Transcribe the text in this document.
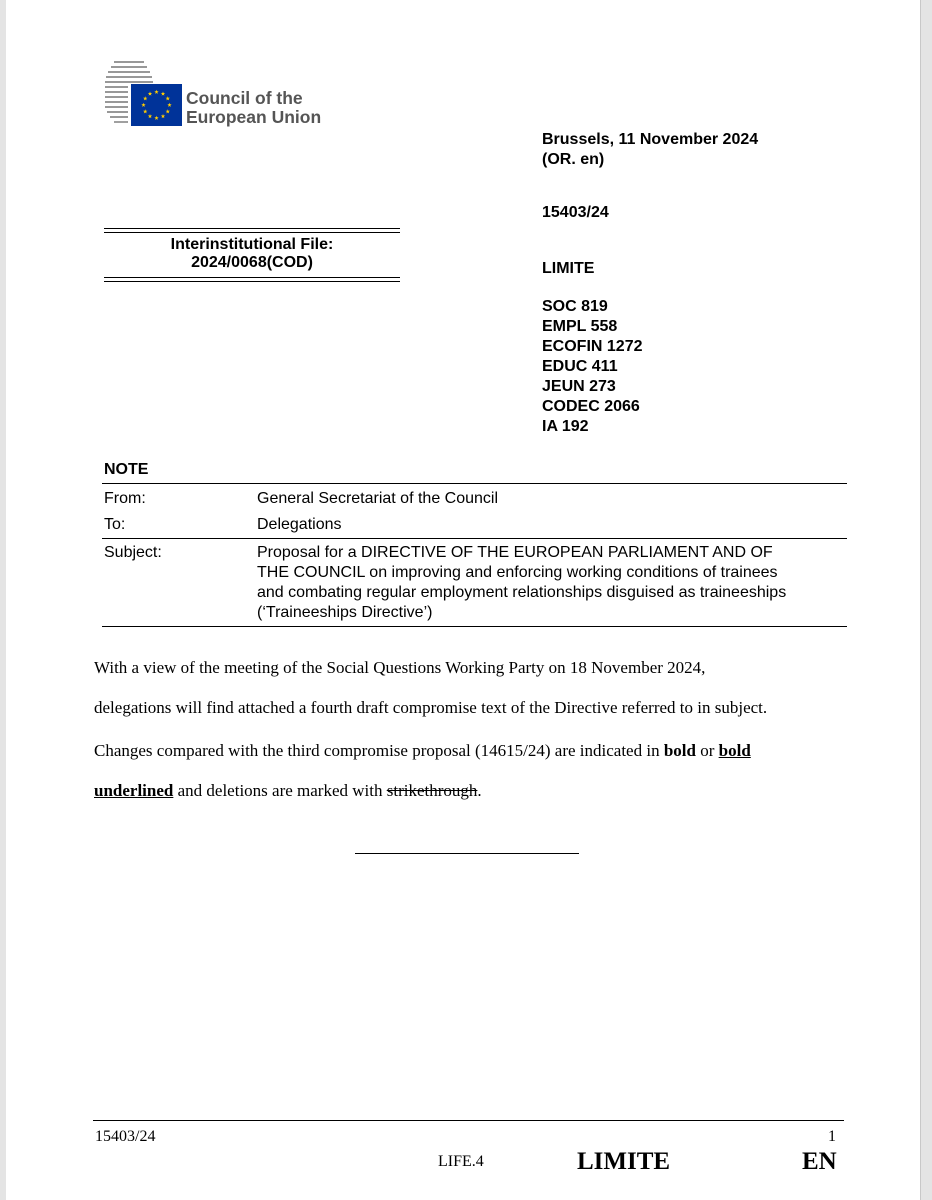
Council of the
European Union
Brussels, 11 November 2024
(OR. en)
15403/24
LIMITE
SOC 819
EMPL 558
ECOFIN 1272
EDUC 411
JEUN 273
CODEC 2066
IA 192
Interinstitutional File:
2024/0068(COD)
NOTE
From:	General Secretariat of the Council
To:	Delegations
Subject:	Proposal for a DIRECTIVE OF THE EUROPEAN PARLIAMENT AND OF
THE COUNCIL on improving and enforcing working conditions of trainees
and combating regular employment relationships disguised as traineeships
(‘Traineeships Directive’)
With a view of the meeting of the Social Questions Working Party on 18 November 2024,
delegations will find attached a fourth draft compromise text of the Directive referred to in subject.
Changes compared with the third compromise proposal (14615/24) are indicated in bold or bold
underlined and deletions are marked with strikethrough.
15403/24	1
LIFE.4	LIMITE	EN
